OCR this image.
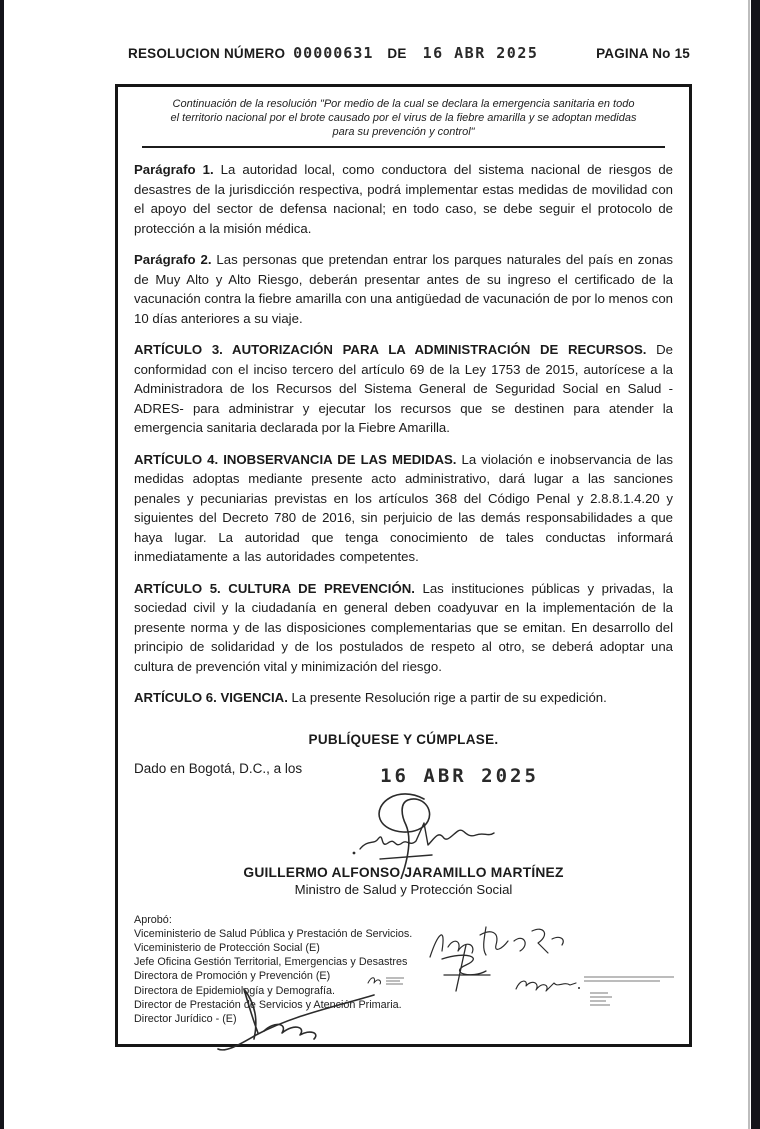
RESOLUCION NÚMERO 00000631 DE 16 ABR 2025	PAGINA No 15
Continuación de la resolución "Por medio de la cual se declara la emergencia sanitaria en todo el territorio nacional por el brote causado por el virus de la fiebre amarilla y se adoptan medidas para su prevención y control"

Parágrafo 1. La autoridad local, como conductora del sistema nacional de riesgos de desastres de la jurisdicción respectiva, podrá implementar estas medidas de movilidad con el apoyo del sector de defensa nacional; en todo caso, se debe seguir el protocolo de protección a la misión médica.

Parágrafo 2. Las personas que pretendan entrar los parques naturales del país en zonas de Muy Alto y Alto Riesgo, deberán presentar antes de su ingreso el certificado de la vacunación contra la fiebre amarilla con una antigüedad de vacunación de por lo menos con 10 días anteriores a su viaje.

ARTÍCULO 3. AUTORIZACIÓN PARA LA ADMINISTRACIÓN DE RECURSOS. De conformidad con el inciso tercero del artículo 69 de la Ley 1753 de 2015, autorícese a la Administradora de los Recursos del Sistema General de Seguridad Social en Salud -ADRES- para administrar y ejecutar los recursos que se destinen para atender la emergencia sanitaria declarada por la Fiebre Amarilla.

ARTÍCULO 4. INOBSERVANCIA DE LAS MEDIDAS. La violación e inobservancia de las medidas adoptas mediante presente acto administrativo, dará lugar a las sanciones penales y pecuniarias previstas en los artículos 368 del Código Penal y 2.8.8.1.4.20 y siguientes del Decreto 780 de 2016, sin perjuicio de las demás responsabilidades a que haya lugar. La autoridad que tenga conocimiento de tales conductas informará inmediatamente a las autoridades competentes.

ARTÍCULO 5. CULTURA DE PREVENCIÓN. Las instituciones públicas y privadas, la sociedad civil y la ciudadanía en general deben coadyuvar en la implementación de la presente norma y de las disposiciones complementarias que se emitan. En desarrollo del principio de solidaridad y de los postulados de respeto al otro, se deberá adoptar una cultura de prevención vital y minimización del riesgo.

ARTÍCULO 6. VIGENCIA. La presente Resolución rige a partir de su expedición.

PUBLÍQUESE Y CÚMPLASE.
Dado en Bogotá, D.C., a los	16 ABR 2025
GUILLERMO ALFONSO JARAMILLO MARTÍNEZ
Ministro de Salud y Protección Social
Aprobó:
Viceministerio de Salud Pública y Prestación de Servicios.
Viceministerio de Protección Social (E)
Jefe Oficina Gestión Territorial, Emergencias y Desastres
Directora de Promoción y Prevención (E)
Directora de Epidemiología y Demografía.
Director de Prestación de Servicios y Atención Primaria.
Director Jurídico - (E)
